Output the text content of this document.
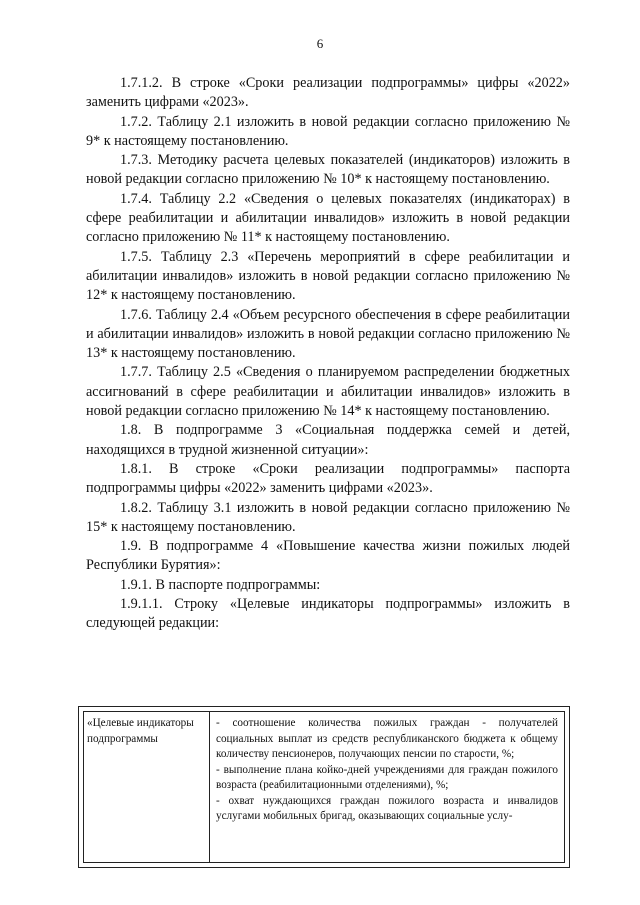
6

1.7.1.2. В строке «Сроки реализации подпрограммы» цифры «2022» заменить цифрами «2023».

1.7.2. Таблицу 2.1 изложить в новой редакции согласно приложению № 9* к настоящему постановлению.

1.7.3. Методику расчета целевых показателей (индикаторов) изложить в новой редакции согласно приложению № 10* к настоящему постановлению.

1.7.4. Таблицу 2.2 «Сведения о целевых показателях (индикаторах) в сфере реабилитации и абилитации инвалидов» изложить в новой редакции согласно приложению № 11* к настоящему постановлению.

1.7.5. Таблицу 2.3 «Перечень мероприятий в сфере реабилитации и абилитации инвалидов» изложить в новой редакции согласно приложению № 12* к настоящему постановлению.

1.7.6. Таблицу 2.4 «Объем ресурсного обеспечения в сфере реабилитации и абилитации инвалидов» изложить в новой редакции согласно приложению № 13* к настоящему постановлению.

1.7.7. Таблицу 2.5 «Сведения о планируемом распределении бюджетных ассигнований в сфере реабилитации и абилитации инвалидов» изложить в новой редакции согласно приложению № 14* к настоящему постановлению.

1.8. В подпрограмме 3 «Социальная поддержка семей и детей, находящихся в трудной жизненной ситуации»:

1.8.1. В строке «Сроки реализации подпрограммы» паспорта подпрограммы цифры «2022» заменить цифрами «2023».

1.8.2. Таблицу 3.1 изложить в новой редакции согласно приложению № 15* к настоящему постановлению.

1.9. В подпрограмме 4 «Повышение качества жизни пожилых людей Республики Бурятия»:

1.9.1. В паспорте подпрограммы:

1.9.1.1. Строку «Целевые индикаторы подпрограммы» изложить в следующей редакции:

«Целевые индикаторы подпрограммы

- соотношение количества пожилых граждан - получателей социальных выплат из средств республиканского бюджета к общему количеству пенсионеров, получающих пенсии по старости, %;

- выполнение плана койко-дней учреждениями для граждан пожилого возраста (реабилитационными отделениями), %;

- охват нуждающихся граждан пожилого возраста и инвалидов услугами мобильных бригад, оказывающих социальные услу-
